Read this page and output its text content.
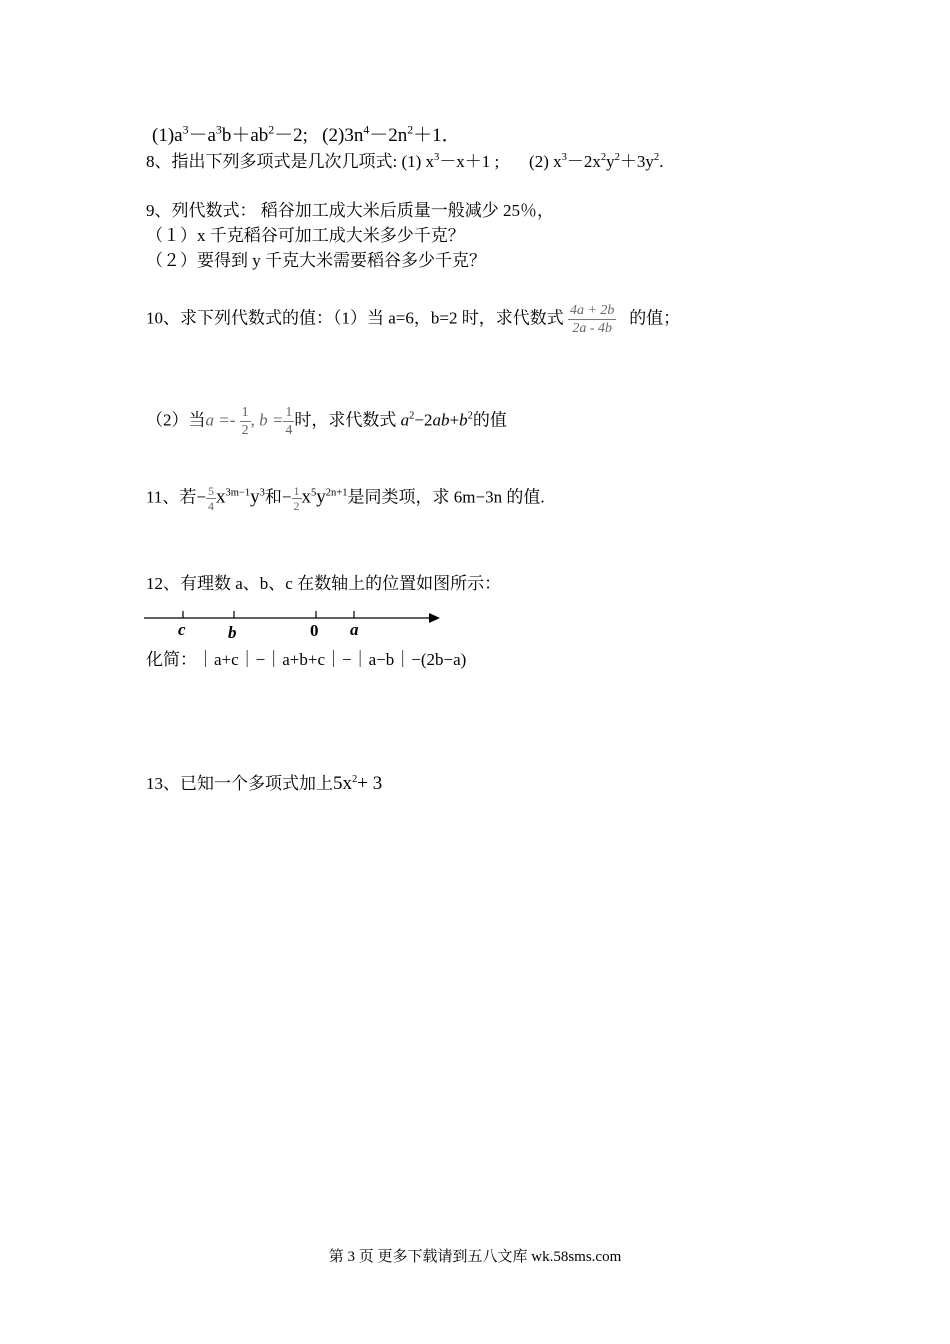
$(1)a^3-a^3b+ab^2-2$; $(2)3n^4-2n^2+1$．
8、指出下列多项式是几次几项式: (1) $x^3-x+1$ ; (2) $x^3-2x^2y^2+3y^2$.
9、列代数式： 稻谷加工成大米后质量一般减少 25％，
（１）x 千克稻谷可加工成大米多少千克？
（２）要得到 y 千克大米需要稻谷多少千克？
10、求下列代数式的值：（1）当 a=6，b=2 时，求代数式 $\frac{4a + 2b}{2a - 4b}$ 的值；
（2）当$a =- \frac{1}{2}$ , $b = \frac{1}{4}$ 时，求代数式 $a^2-2ab+b^2$的值
11、若− $\frac{5}{4} x^{3m-1}y^3$和− $\frac{1}{2} x^5y^{2n+1}$是同类项，求 6m−3n 的值.
12、有理数 a、b、c 在数轴上的位置如图所示：
c b	0 a
化简：｜a+c｜−｜a+b+c｜−｜a−b｜−(2b−a)
13、已知一个多项式加上$5x^2+ 3$
第 3 页 更多下载请到五八文库 wk.58sms.com
